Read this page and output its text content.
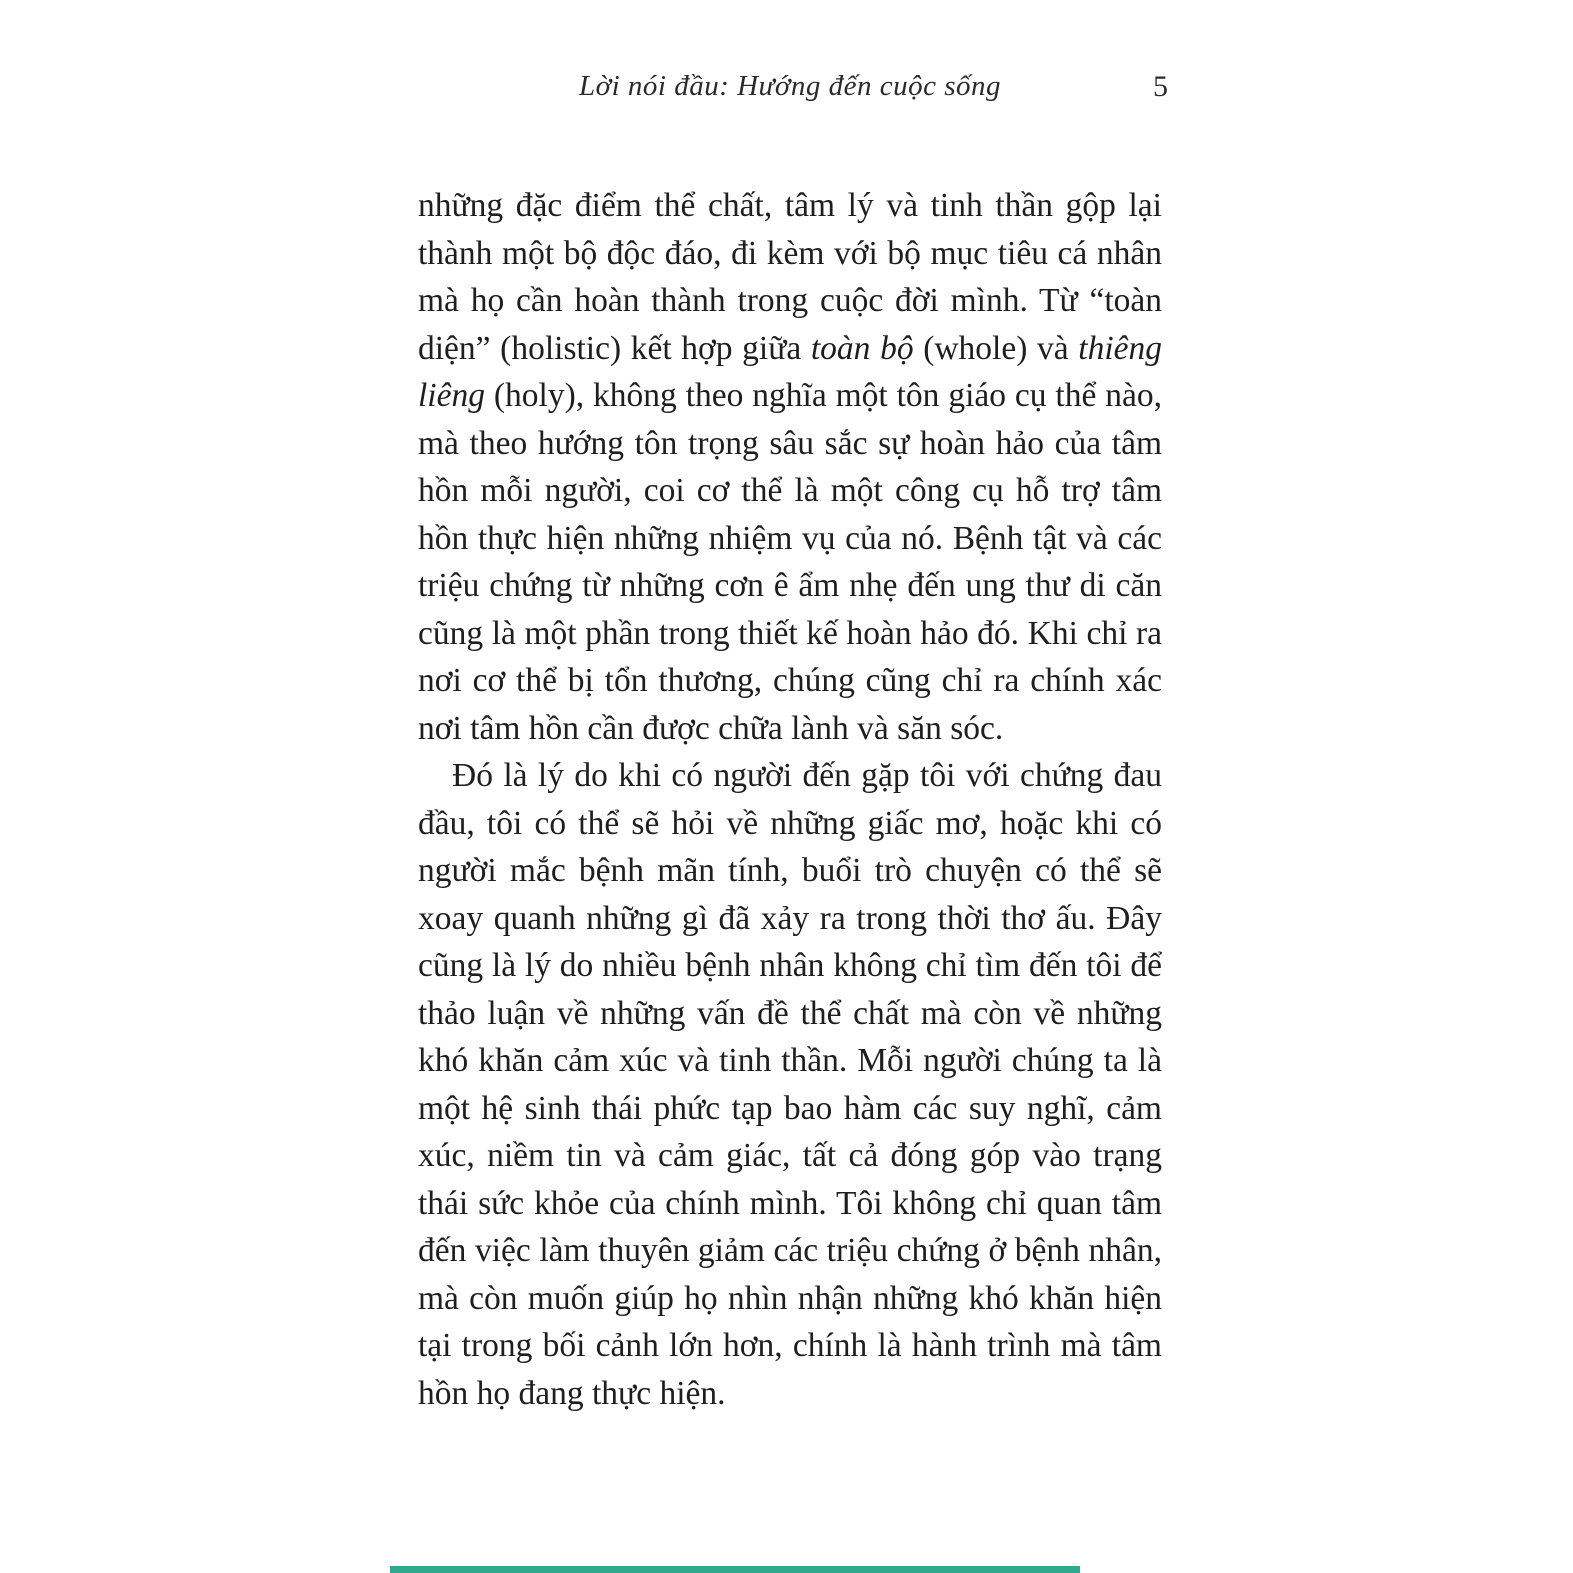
Lời nói đầu: Hướng đến cuộc sống	5

những đặc điểm thể chất, tâm lý và tinh thần gộp lại thành một bộ độc đáo, đi kèm với bộ mục tiêu cá nhân mà họ cần hoàn thành trong cuộc đời mình. Từ “toàn diện” (holistic) kết hợp giữa toàn bộ (whole) và thiêng liêng (holy), không theo nghĩa một tôn giáo cụ thể nào, mà theo hướng tôn trọng sâu sắc sự hoàn hảo của tâm hồn mỗi người, coi cơ thể là một công cụ hỗ trợ tâm hồn thực hiện những nhiệm vụ của nó. Bệnh tật và các triệu chứng từ những cơn ê ẩm nhẹ đến ung thư di căn cũng là một phần trong thiết kế hoàn hảo đó. Khi chỉ ra nơi cơ thể bị tổn thương, chúng cũng chỉ ra chính xác nơi tâm hồn cần được chữa lành và săn sóc.

Đó là lý do khi có người đến gặp tôi với chứng đau đầu, tôi có thể sẽ hỏi về những giấc mơ, hoặc khi có người mắc bệnh mãn tính, buổi trò chuyện có thể sẽ xoay quanh những gì đã xảy ra trong thời thơ ấu. Đây cũng là lý do nhiều bệnh nhân không chỉ tìm đến tôi để thảo luận về những vấn đề thể chất mà còn về những khó khăn cảm xúc và tinh thần. Mỗi người chúng ta là một hệ sinh thái phức tạp bao hàm các suy nghĩ, cảm xúc, niềm tin và cảm giác, tất cả đóng góp vào trạng thái sức khỏe của chính mình. Tôi không chỉ quan tâm đến việc làm thuyên giảm các triệu chứng ở bệnh nhân, mà còn muốn giúp họ nhìn nhận những khó khăn hiện tại trong bối cảnh lớn hơn, chính là hành trình mà tâm hồn họ đang thực hiện.
